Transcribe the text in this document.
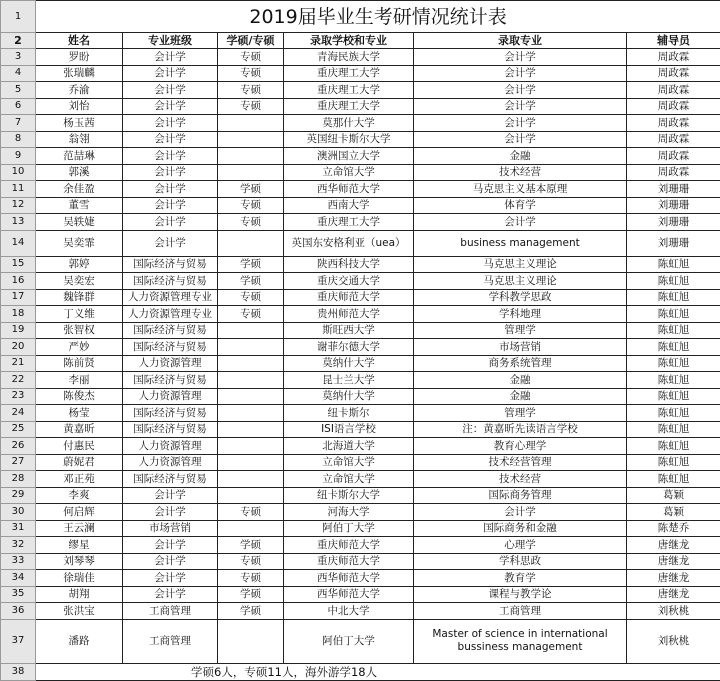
1	2019届毕业生考研情况统计表					
2	姓名	专业班级	学硕/专硕	录取学校和专业	录取专业	辅导员
3	罗盼	会计学	专硕	青海民族大学	会计学	周政霖
4	张瑞麟	会计学	专硕	重庆理工大学	会计学	周政霖
5	乔渝	会计学	专硕	重庆理工大学	会计学	周政霖
6	刘怡	会计学	专硕	重庆理工大学	会计学	周政霖
7	杨玉茜	会计学		莫那什大学	会计学	周政霖
8	翁翎	会计学		英国纽卡斯尔大学	会计学	周政霖
9	范喆琳	会计学		澳洲国立大学	金融	周政霖
10	郭溪	会计学		立命馆大学	技术经营	周政霖
11	余佳盈	会计学	学硕	西华师范大学	马克思主义基本原理	刘珊珊
12	董雪	会计学	专硕	西南大学	体育学	刘珊珊
13	吴轶婕	会计学	专硕	重庆理工大学	会计学	刘珊珊
14	吴奕霏	会计学		英国东安格利亚（uea）	business management	刘珊珊
15	郭婷	国际经济与贸易	学硕	陕西科技大学	马克思主义理论	陈虹旭
16	吴奕宏	国际经济与贸易	学硕	重庆交通大学	马克思主义理论	陈虹旭
17	魏锋群	人力资源管理专业	专硕	重庆师范大学	学科教学思政	陈虹旭
18	丁义维	人力资源管理专业	专硕	贵州师范大学	学科地理	陈虹旭
19	张智权	国际经济与贸易		斯旺西大学	管理学	陈虹旭
20	严妙	国际经济与贸易		谢菲尔德大学	市场营销	陈虹旭
21	陈前贤	人力资源管理		莫纳什大学	商务系统管理	陈虹旭
22	李丽	国际经济与贸易		昆士兰大学	金融	陈虹旭
23	陈俊杰	人力资源管理		莫纳什大学	金融	陈虹旭
24	杨莹	国际经济与贸易		纽卡斯尔	管理学	陈虹旭
25	黄嘉昕	国际经济与贸易		ISI语言学校	注：黄嘉昕先读语言学校	陈虹旭
26	付惠民	人力资源管理		北海道大学	教育心理学	陈虹旭
27	蔚妮君	人力资源管理		立命馆大学	技术经营管理	陈虹旭
28	邓正苑	国际经济与贸易		立命馆大学	技术经营	陈虹旭
29	李爽	会计学		纽卡斯尔大学	国际商务管理	葛颖
30	何启辉	会计学	专硕	河海大学	会计学	葛颖
31	王云澜	市场营销		阿伯丁大学	国际商务和金融	陈楚乔
32	缪星	会计学	学硕	重庆师范大学	心理学	唐继龙
33	刘琴琴	会计学	专硕	重庆师范大学	学科思政	唐继龙
34	徐瑞佳	会计学	专硕	西华师范大学	教育学	唐继龙
35	胡翔	会计学	学硕	西华师范大学	课程与教学论	唐继龙
36	张洪宝	工商管理	学硕	中北大学	工商管理	刘秋桃
37	潘路	工商管理		阿伯丁大学	Master of science in international bussiness management	刘秋桃
38	学硕6人，专硕11人，海外游学18人					
